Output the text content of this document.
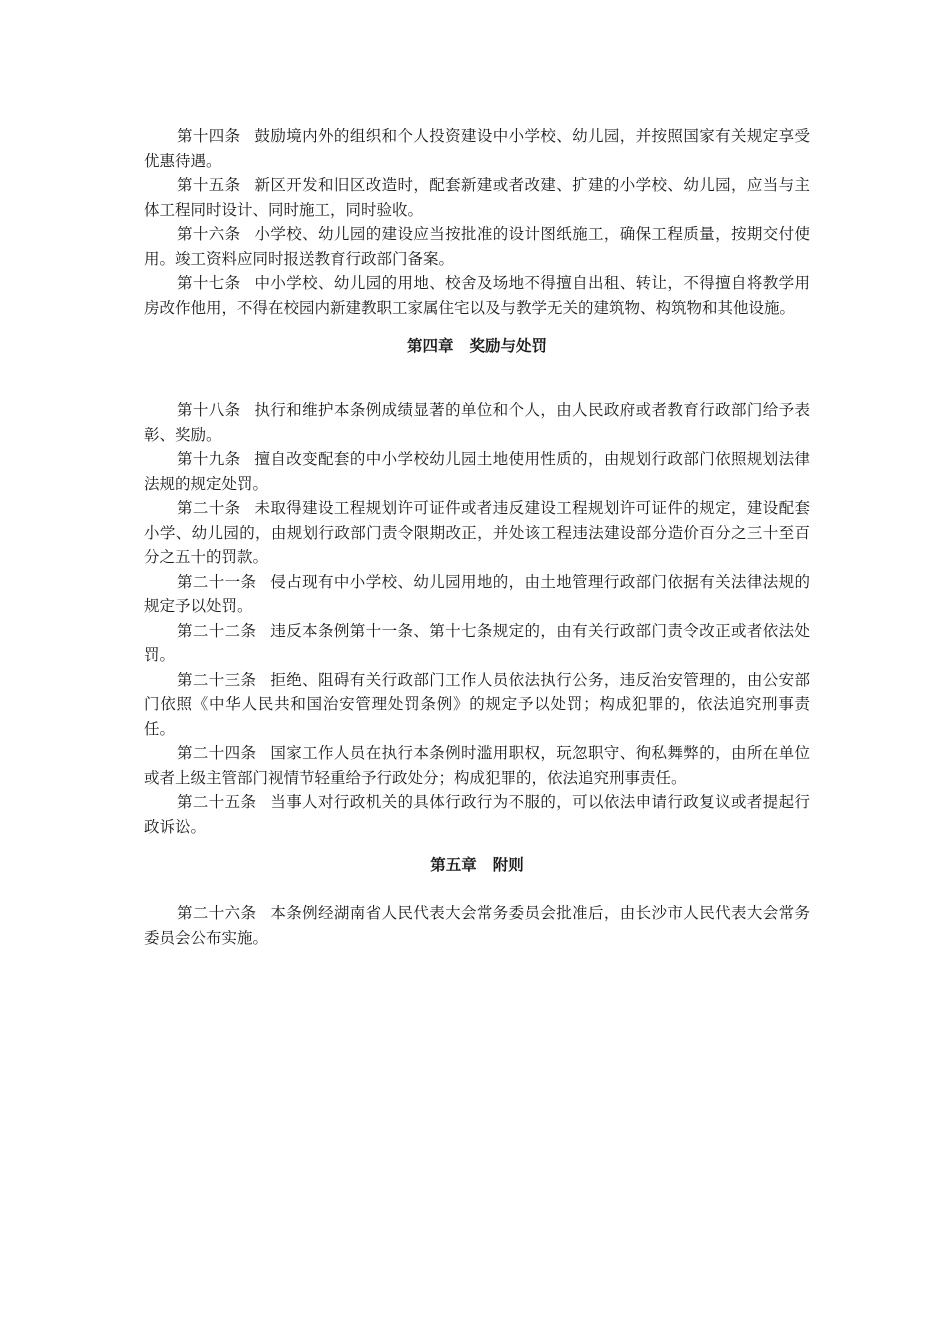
第十四条 鼓励境内外的组织和个人投资建设中小学校、幼儿园，并按照国家有关规定享受优惠待遇。

第十五条 新区开发和旧区改造时，配套新建或者改建、扩建的小学校、幼儿园，应当与主体工程同时设计、同时施工，同时验收。

第十六条 小学校、幼儿园的建设应当按批准的设计图纸施工，确保工程质量，按期交付使用。竣工资料应同时报送教育行政部门备案。

第十七条 中小学校、幼儿园的用地、校舍及场地不得擅自出租、转让，不得擅自将教学用房改作他用，不得在校园内新建教职工家属住宅以及与教学无关的建筑物、构筑物和其他设施。

第四章 奖励与处罚

第十八条 执行和维护本条例成绩显著的单位和个人，由人民政府或者教育行政部门给予表彰、奖励。

第十九条 擅自改变配套的中小学校幼儿园土地使用性质的，由规划行政部门依照规划法律法规的规定处罚。

第二十条 未取得建设工程规划许可证件或者违反建设工程规划许可证件的规定，建设配套小学、幼儿园的，由规划行政部门责令限期改正，并处该工程违法建设部分造价百分之三十至百分之五十的罚款。

第二十一条 侵占现有中小学校、幼儿园用地的，由土地管理行政部门依据有关法律法规的规定予以处罚。

第二十二条 违反本条例第十一条、第十七条规定的，由有关行政部门责令改正或者依法处罚。

第二十三条 拒绝、阻碍有关行政部门工作人员依法执行公务，违反治安管理的，由公安部门依照《中华人民共和国治安管理处罚条例》的规定予以处罚；构成犯罪的，依法追究刑事责任。

第二十四条 国家工作人员在执行本条例时滥用职权，玩忽职守、徇私舞弊的，由所在单位或者上级主管部门视情节轻重给予行政处分；构成犯罪的，依法追究刑事责任。

第二十五条 当事人对行政机关的具体行政行为不服的，可以依法申请行政复议或者提起行政诉讼。

第五章 附则

第二十六条 本条例经湖南省人民代表大会常务委员会批准后，由长沙市人民代表大会常务委员会公布实施。
